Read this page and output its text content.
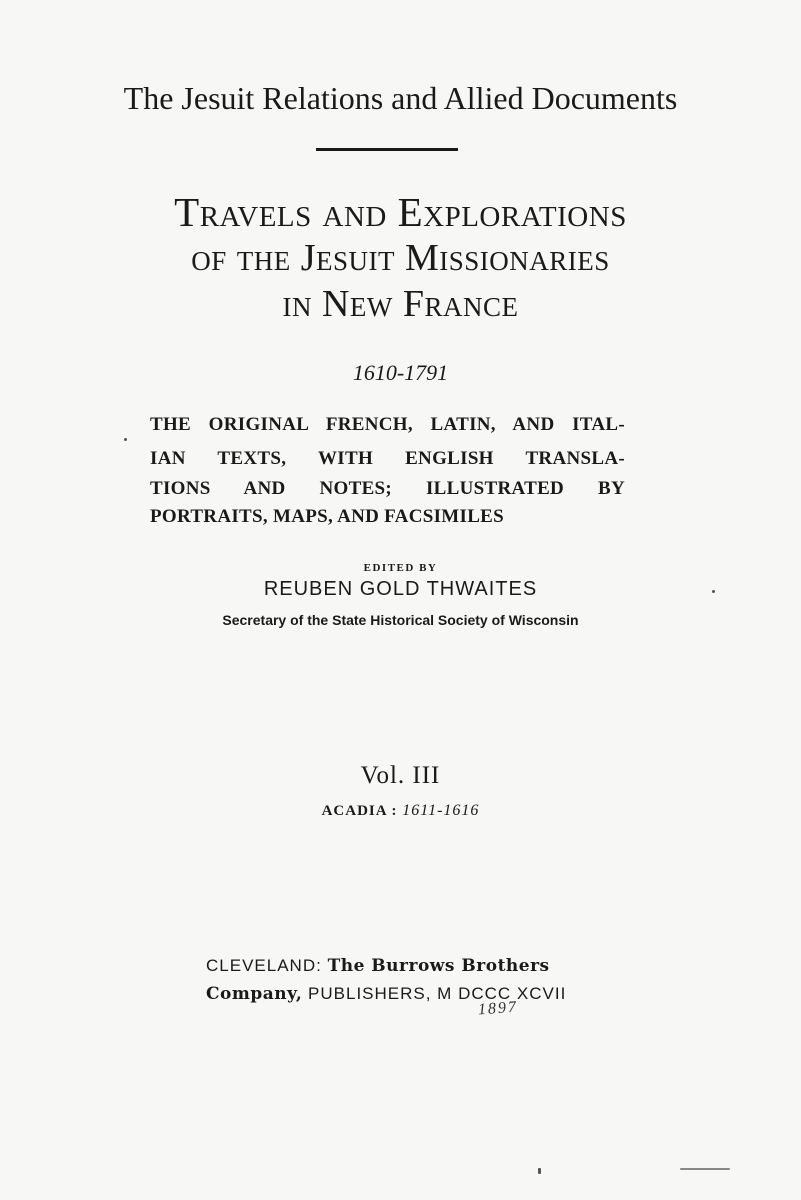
The Jesuit Relations and Allied Documents
Travels and Explorations
of the Jesuit Missionaries
in New France
1610-1791
THE ORIGINAL FRENCH, LATIN, AND ITAL-
IAN TEXTS, WITH ENGLISH TRANSLA-
TIONS AND NOTES; ILLUSTRATED BY
PORTRAITS, MAPS, AND FACSIMILES
EDITED BY
REUBEN GOLD THWAITES
Secretary of the State Historical Society of Wisconsin
Vol. III
ACADIA : 1611-1616
CLEVELAND: The Burrows Brothers
Company, PUBLISHERS, M DCCC XCVII
1897
